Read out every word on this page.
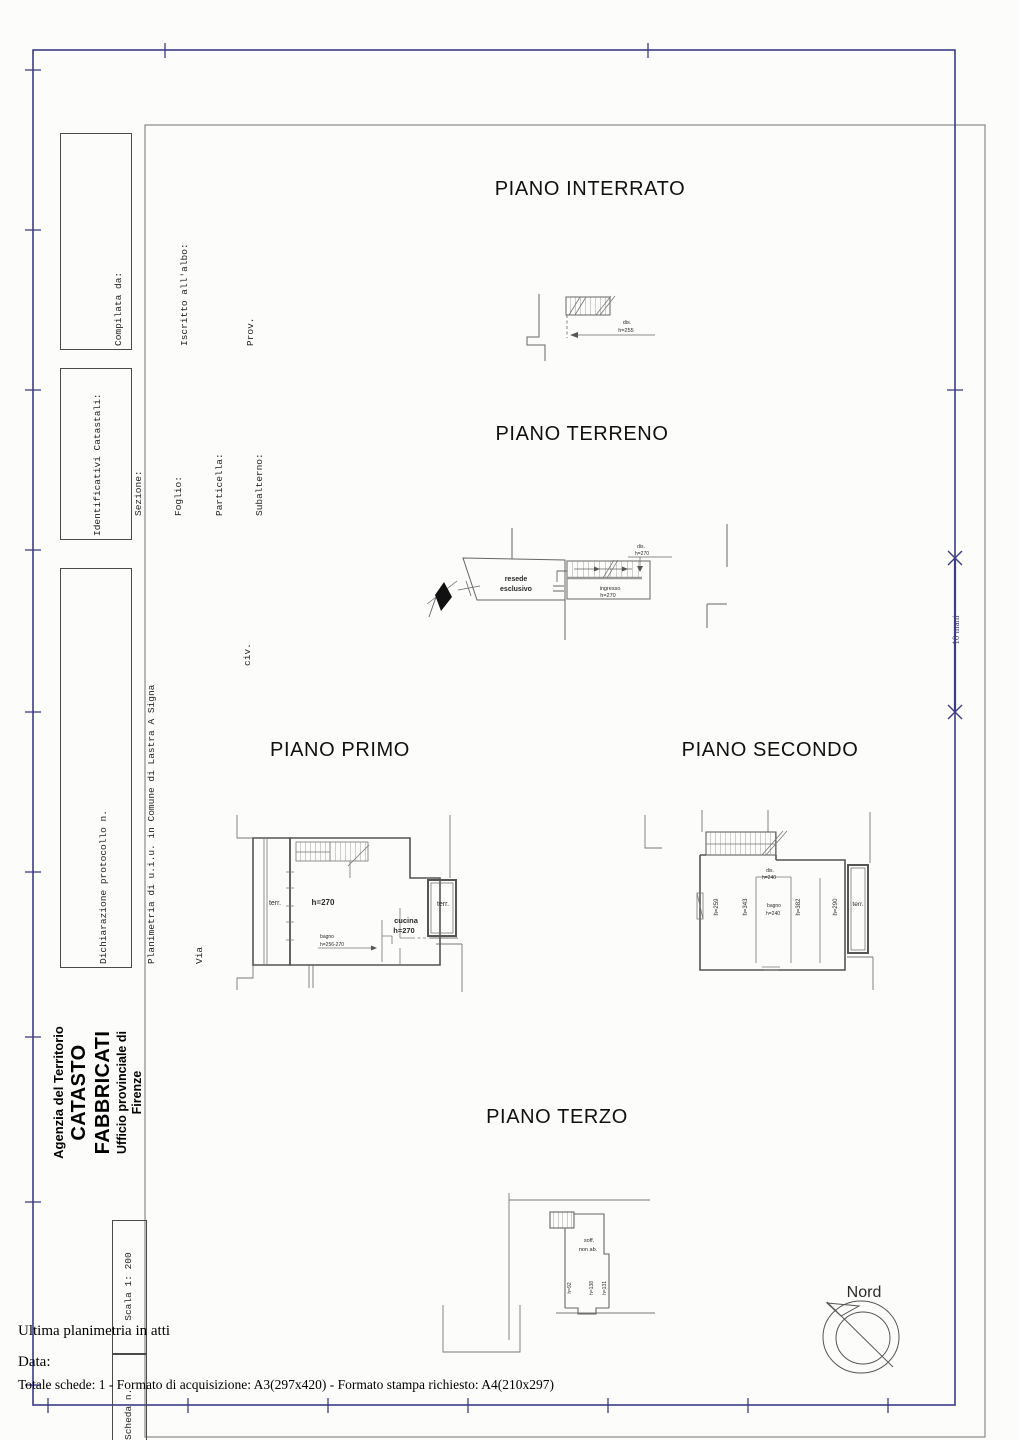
Compilata da:

	Iscritto all'albo:

	Prov.

Identificativi Catastali:

	Sezione:

	Foglio:

	Particella:

	Subalterno:

Dichiarazione protocollo n.

	Planimetria di u.i.u. in Comune di Lastra A Signa

	Via

civ.

Agenzia del Territorio CATASTO FABBRICATI Ufficio provinciale di Firenze
Scala 1: 200
Scheda n.
10 mani
PIANO INTERRATO
PIANO TERRENO
PIANO PRIMO	PIANO SECONDO
PIANO TERZO
dis.
h=255
resede
esclusivo	ingresso
h=270
dis.
h=270
terr.	h=270
cucina
h=270
bagno
h=256-270
terr.
dis.
h=240
h=259	h=343	bagno
h=240	h=382	h=290 terr.
soff.
non ab.
h=92	h=138 h=131	Nord
Ultima planimetria in atti
Data:
Totale schede: 1 - Formato di acquisizione: A3(297x420) - Formato stampa richiesto: A4(210x297)
